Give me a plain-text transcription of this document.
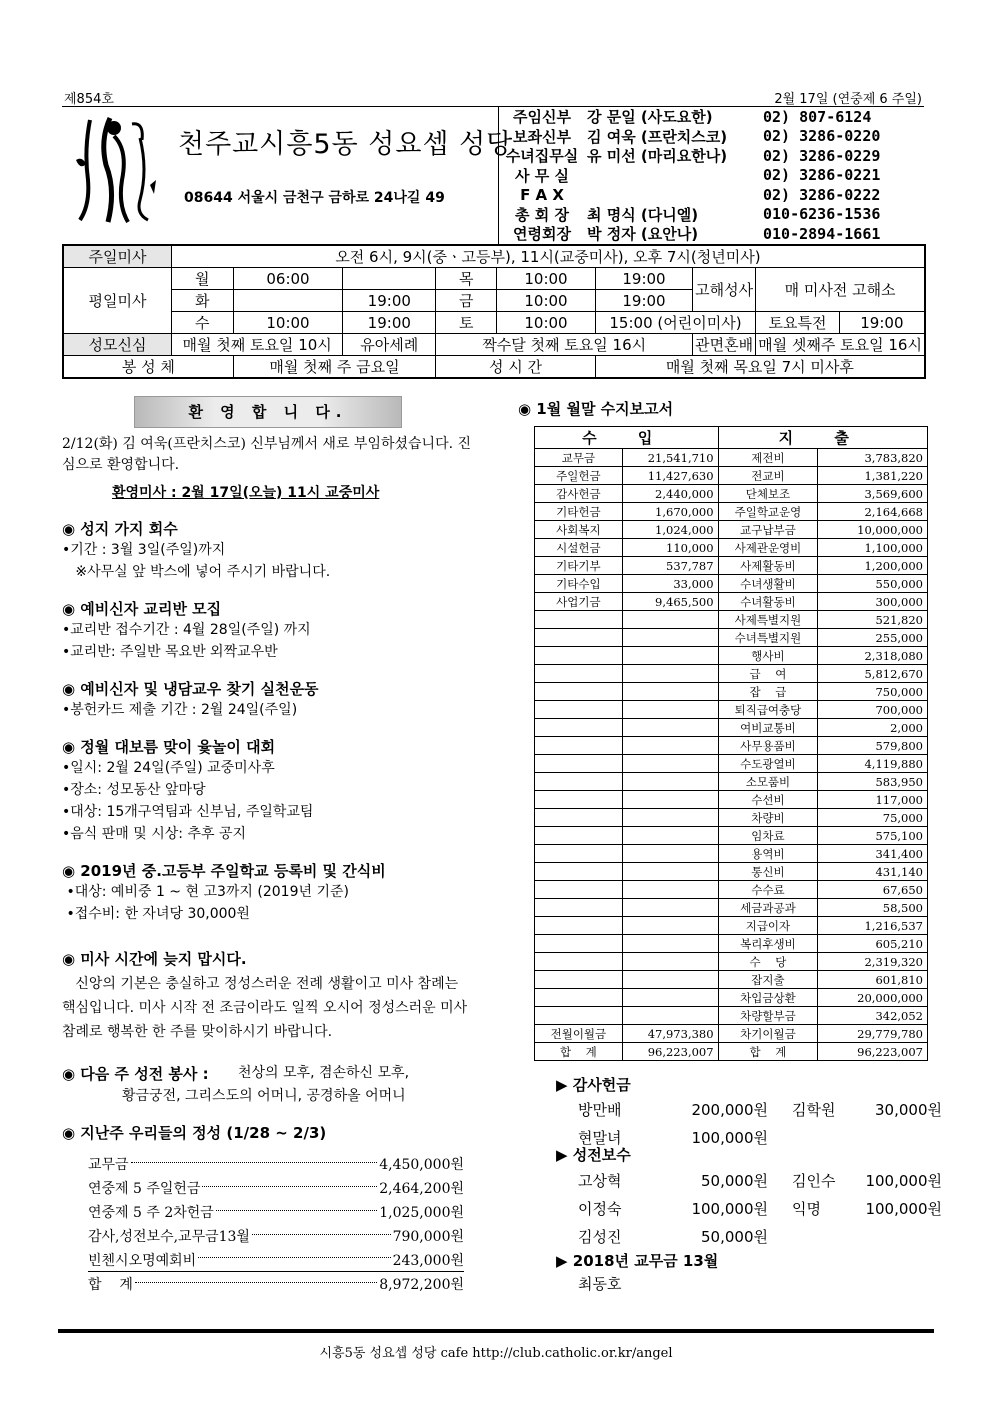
제854호	2월 17일 (연중제 6 주일)
천주교시흥5동 성요셉 성당
08644 서울시 금천구 금하로 24나길 49
주임신부	강 문일 (사도요한)	02) 807-6124
보좌신부	김 여욱 (프란치스코)	02) 3286-0220
수녀집무실 유 미선 (마리요한나)	02) 3286-0229
사 무 실	02) 3286-0221
F A X	02) 3286-0222
총 회 장	최 명식 (다니엘)	010-6236-1536
연령회장	박 정자 (요안나)	010-2894-1661
주일미사	오전 6시, 9시(중ㆍ고등부), 11시(교중미사), 오후 7시(청년미사)								
평일미사	월	06:00		목	10:00	19:00	고해성사	매 미사전 고해소	
	화		19:00	금	10:00	19:00			
	수	10:00	19:00	토	10:00	15:00 (어린이미사)		토요특전	19:00
성모신심	매월 첫째 토요일 10시		유아세례	짝수달 첫째 토요일 16시			관면혼배	매월 셋째주 토요일 16시	
봉 성 체		매월 첫째 주 금요일		성 시 간		매월 첫째 목요일 7시 미사후			
환 영 합 니 다.
2/12(화) 김 여욱(프란치스코) 신부님께서 새로 부임하셨습니다. 진심으로 환영합니다.
환영미사 : 2월 17일(오늘) 11시 교중미사
◉ 성지 가지 회수
•기간 : 3월 3일(주일)까지
※사무실 앞 박스에 넣어 주시기 바랍니다.
◉ 예비신자 교리반 모집
•교리반 접수기간 : 4월 28일(주일) 까지
•교리반: 주일반 목요반 외짝교우반
◉ 예비신자 및 냉담교우 찾기 실천운동
•봉헌카드 제출 기간 : 2월 24일(주일)
◉ 정월 대보름 맞이 윷놀이 대회
•일시: 2월 24일(주일) 교중미사후
•장소: 성모동산 앞마당
•대상: 15개구역팀과 신부님, 주일학교팀
•음식 판매 및 시상: 추후 공지
◉ 2019년 중.고등부 주일학교 등록비 및 간식비
•대상: 예비중 1 ~ 현 고3까지 (2019년 기준)
•접수비: 한 자녀당 30,000원
◉ 미사 시간에 늦지 맙시다.
신앙의 기본은 충실하고 정성스러운 전례 생활이고 미사 참례는 핵심입니다. 미사 시작 전 조금이라도 일찍 오시어 정성스러운 미사 참례로 행복한 한 주를 맞이하시기 바랍니다.
◉ 다음 주 성전 봉사 : 천상의 모후, 겸손하신 모후,
황금궁전, 그리스도의 어머니, 공경하올 어머니
◉ 지난주 우리들의 정성 (1/28 ~ 2/3)
교무금	4,450,000원
연중제 5 주일헌금	2,464,200원
연중제 5 주 2차헌금	1,025,000원
감사,성전보수,교무금13월	790,000원
빈첸시오명예회비	243,000원
합    계	8,972,200원
◉ 1월 월말 수지보고서
수 입		지 출	
교무금	21,541,710	제전비	3,783,820
주일헌금	11,427,630	전교비	1,381,220
감사헌금	2,440,000	단체보조	3,569,600
기타헌금	1,670,000	주일학교운영	2,164,668
사회복지	1,024,000	교구납부금	10,000,000
시설헌금	110,000	사제관운영비	1,100,000
기타기부	537,787	사제활동비	1,200,000
기타수입	33,000	수녀생활비	550,000
사업기금	9,465,500	수녀활동비	300,000
		사제특별지원	521,820
		수녀특별지원	255,000
		행사비	2,318,080
		급    여	5,812,670
		잡    급	750,000
		퇴직급여충당	700,000
		여비교통비	2,000
		사무용품비	579,800
		수도광열비	4,119,880
		소모품비	583,950
		수선비	117,000
		차량비	75,000
		임차료	575,100
		용역비	341,400
		통신비	431,140
		수수료	67,650
		세금과공과	58,500
		지급이자	1,216,537
		복리후생비	605,210
		수    당	2,319,320
		잡지출	601,810
		차입금상환	20,000,000
		차량할부금	342,052
전월이월금	47,973,380	차기이월금	29,779,780
합    계	96,223,007	합    계	96,223,007
▶ 감사헌금
방만배	200,000원 김학원	30,000원
현말녀	100,000원
▶ 성전보수
고상혁	50,000원 김인수	100,000원
이정숙	100,000원 익명	100,000원
김성진	50,000원
▶ 2018년 교무금 13월
최동호
시흥5동 성요셉 성당 cafe http://club.catholic.or.kr/angel
